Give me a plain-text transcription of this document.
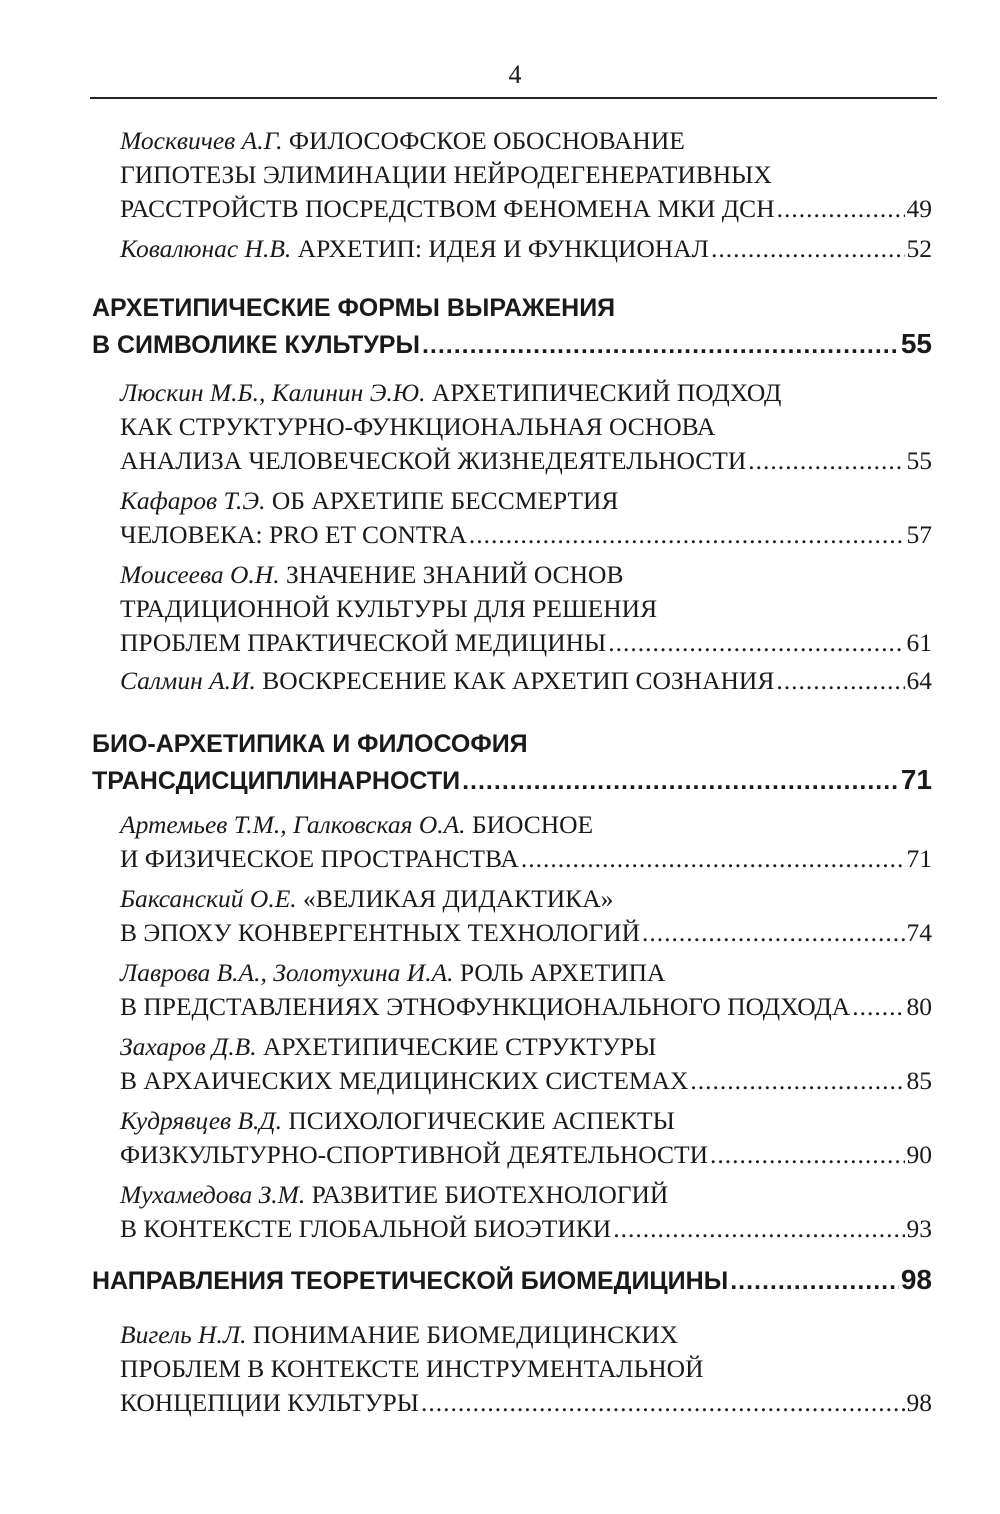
4
Москвичев А.Г. ФИЛОСОФСКОЕ ОБОСНОВАНИЕ
ГИПОТЕЗЫ ЭЛИМИНАЦИИ НЕЙРОДЕГЕНЕРАТИВНЫХ
РАССТРОЙСТВ ПОСРЕДСТВОМ ФЕНОМЕНА МКИ ДСН .....	49
Ковалюнас Н.В. АРХЕТИП: ИДЕЯ И ФУНКЦИОНАЛ .....	52
АРХЕТИПИЧЕСКИЕ ФОРМЫ ВЫРАЖЕНИЯ
В СИМВОЛИКЕ КУЛЬТУРЫ .....	55
Люскин М.Б., Калинин Э.Ю. АРХЕТИПИЧЕСКИЙ ПОДХОД
КАК СТРУКТУРНО-ФУНКЦИОНАЛЬНАЯ ОСНОВА
АНАЛИЗА ЧЕЛОВЕЧЕСКОЙ ЖИЗНЕДЕЯТЕЛЬНОСТИ .....	55
Кафаров Т.Э. ОБ АРХЕТИПЕ БЕССМЕРТИЯ
ЧЕЛОВЕКА: PRO ET CONTRA .....	57
Моисеева О.Н. ЗНАЧЕНИЕ ЗНАНИЙ ОСНОВ
ТРАДИЦИОННОЙ КУЛЬТУРЫ ДЛЯ РЕШЕНИЯ
ПРОБЛЕМ ПРАКТИЧЕСКОЙ МЕДИЦИНЫ .....	61
Салмин А.И. ВОСКРЕСЕНИЕ КАК АРХЕТИП СОЗНАНИЯ .....	64
БИО-АРХЕТИПИКА И ФИЛОСОФИЯ
ТРАНСДИСЦИПЛИНАРНОСТИ .....	71
Артемьев Т.М., Галковская О.А. БИОСНОЕ
И ФИЗИЧЕСКОЕ ПРОСТРАНСТВА .....	71
Баксанский О.Е. «ВЕЛИКАЯ ДИДАКТИКА»
В ЭПОХУ КОНВЕРГЕНТНЫХ ТЕХНОЛОГИЙ .....	74
Лаврова В.А., Золотухина И.А. РОЛЬ АРХЕТИПА
В ПРЕДСТАВЛЕНИЯХ ЭТНОФУНКЦИОНАЛЬНОГО ПОДХОДА ..... 80
Захаров Д.В. АРХЕТИПИЧЕСКИЕ СТРУКТУРЫ
В АРХАИЧЕСКИХ МЕДИЦИНСКИХ СИСТЕМАХ .....	85
Кудрявцев В.Д. ПСИХОЛОГИЧЕСКИЕ АСПЕКТЫ
ФИЗКУЛЬТУРНО-СПОРТИВНОЙ ДЕЯТЕЛЬНОСТИ .....	90
Мухамедова З.М. РАЗВИТИЕ БИОТЕХНОЛОГИЙ
В КОНТЕКСТЕ ГЛОБАЛЬНОЙ БИОЭТИКИ .....	93
НАПРАВЛЕНИЯ ТЕОРЕТИЧЕСКОЙ БИОМЕДИЦИНЫ .....	98
Вигель Н.Л. ПОНИМАНИЕ БИОМЕДИЦИНСКИХ
ПРОБЛЕМ В КОНТЕКСТЕ ИНСТРУМЕНТАЛЬНОЙ
КОНЦЕПЦИИ КУЛЬТУРЫ .....	98
